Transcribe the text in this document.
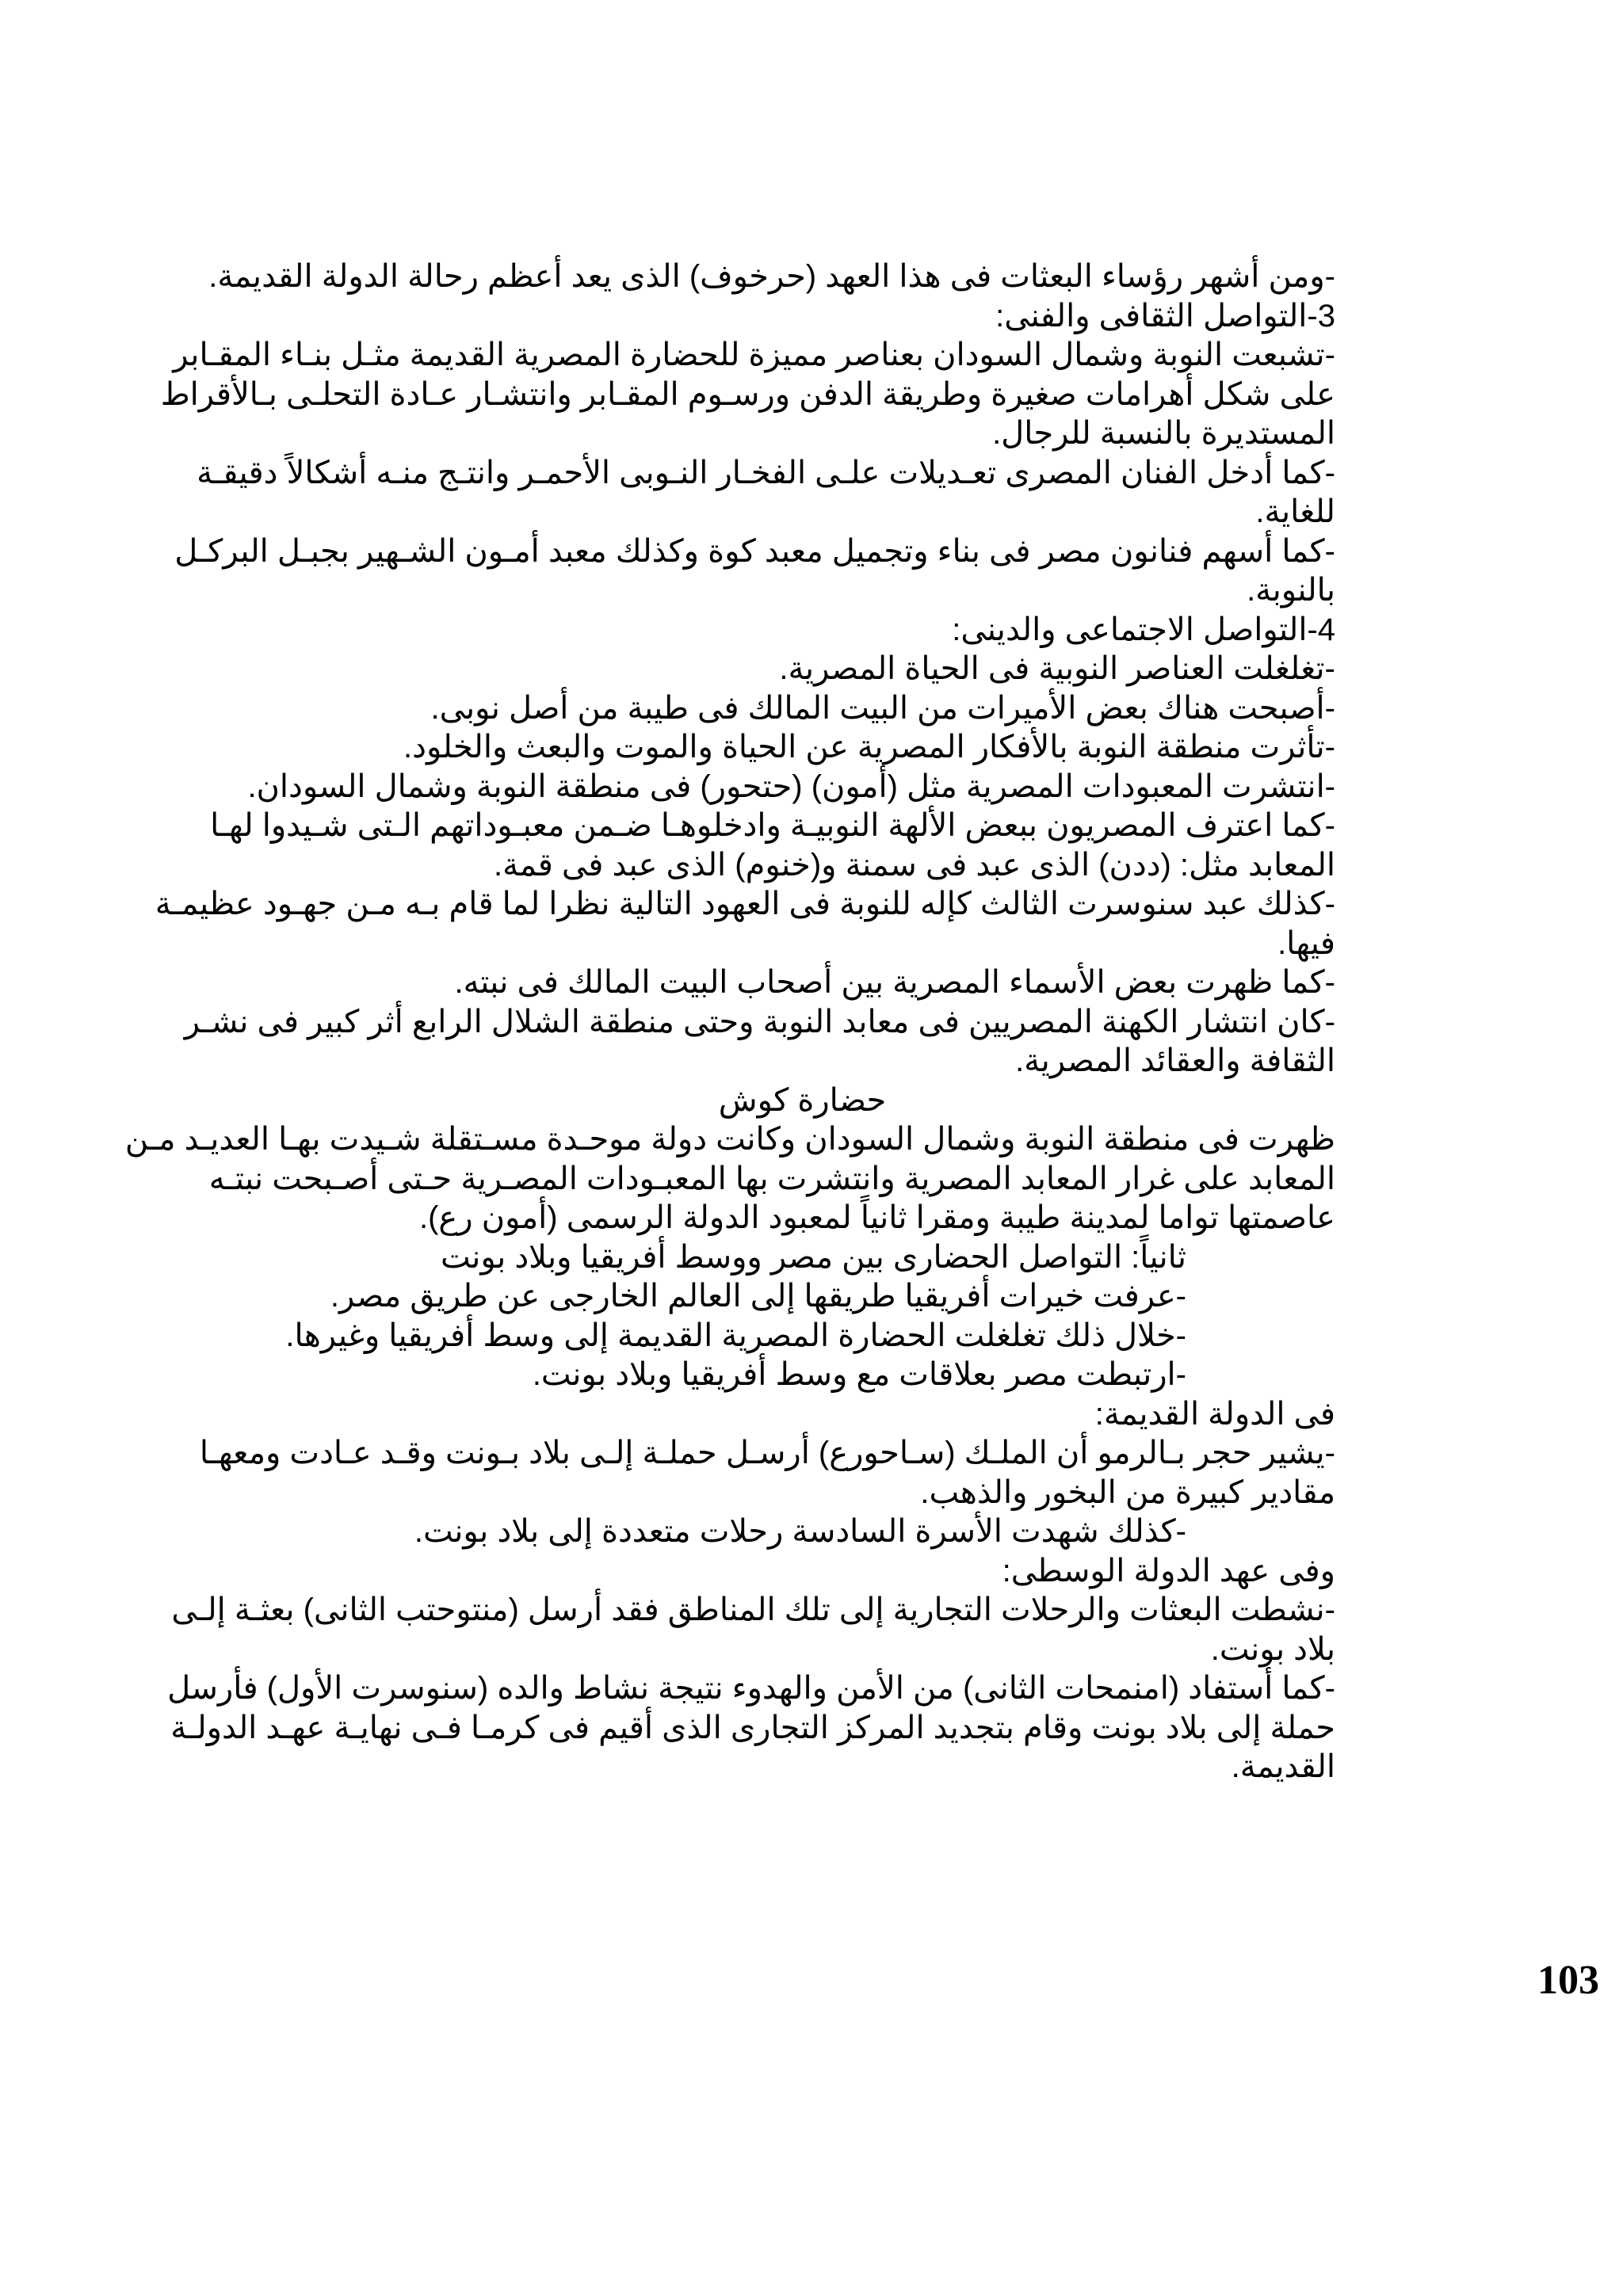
-ومن أشهر رؤساء البعثات فى هذا العهد (حرخوف) الذى يعد أعظم رحالة الدولة القديمة.
3-التواصل الثقافى والفنى:
-تشبعت النوبة وشمال السودان بعناصر مميزة للحضارة المصرية القديمة مثـل بنـاء المقـابر
على شكل أهرامات صغيرة وطريقة الدفن ورسـوم المقـابر وانتشـار عـادة التحلـى بـالأقراط
المستديرة بالنسبة للرجال.
-كما أدخل الفنان المصرى تعـديلات علـى الفخـار النـوبى الأحمـر وانتـج منـه أشكالاً دقيقـة
للغاية.
-كما أسهم فنانون مصر فى بناء وتجميل معبد كوة وكذلك معبد أمـون الشـهير بجبـل البركـل
بالنوبة.
4-التواصل الاجتماعى والدينى:
-تغلغلت العناصر النوبية فى الحياة المصرية.
-أصبحت هناك بعض الأميرات من البيت المالك فى طيبة من أصل نوبى.
-تأثرت منطقة النوبة بالأفكار المصرية عن الحياة والموت والبعث والخلود.
-انتشرت المعبودات المصرية مثل (أمون) (حتحور) فى منطقة النوبة وشمال السودان.
-كما اعترف المصريون ببعض الألهة النوبيـة وادخلوهـا ضـمن معبـوداتهم الـتى شـيدوا لهـا
المعابد مثل: (ددن) الذى عبد فى سمنة و(خنوم) الذى عبد فى قمة.
-كذلك عبد سنوسرت الثالث كإله للنوبة فى العهود التالية نظرا لما قام بـه مـن جهـود عظيمـة
فيها.
-كما ظهرت بعض الأسماء المصرية بين أصحاب البيت المالك فى نبته.
-كان انتشار الكهنة المصريين فى معابد النوبة وحتى منطقة الشلال الرابع أثر كبير فى نشـر
الثقافة والعقائد المصرية.
حضارة كوش
ظهرت فى منطقة النوبة وشمال السودان وكانت دولة موحـدة مسـتقلة شـيدت بهـا العديـد مـن
المعابد على غرار المعابد المصرية وانتشرت بها المعبـودات المصـرية حـتى أصـبحت نبتـه
عاصمتها تواما لمدينة طيبة ومقرا ثانياً لمعبود الدولة الرسمى (أمون رع).
ثانياً: التواصل الحضارى بين مصر ووسط أفريقيا وبلاد بونت
-عرفت خيرات أفريقيا طريقها إلى العالم الخارجى عن طريق مصر.
-خلال ذلك تغلغلت الحضارة المصرية القديمة إلى وسط أفريقيا وغيرها.
-ارتبطت مصر بعلاقات مع وسط أفريقيا وبلاد بونت.
فى الدولة القديمة:
-يشير حجر بـالرمو أن الملـك (سـاحورع) أرسـل حملـة إلـى بلاد بـونت وقـد عـادت ومعهـا
مقادير كبيرة من البخور والذهب.
-كذلك شهدت الأسرة السادسة رحلات متعددة إلى بلاد بونت.
وفى عهد الدولة الوسطى:
-نشطت البعثات والرحلات التجارية إلى تلك المناطق فقد أرسل (منتوحتب الثانى) بعثـة إلـى
بلاد بونت.
-كما أستفاد (امنمحات الثانى) من الأمن والهدوء نتيجة نشاط والده (سنوسرت الأول) فأرسل
حملة إلى بلاد بونت وقام بتجديد المركز التجارى الذى أقيم فى كرمـا فـى نهايـة عهـد الدولـة
القديمة.
103
